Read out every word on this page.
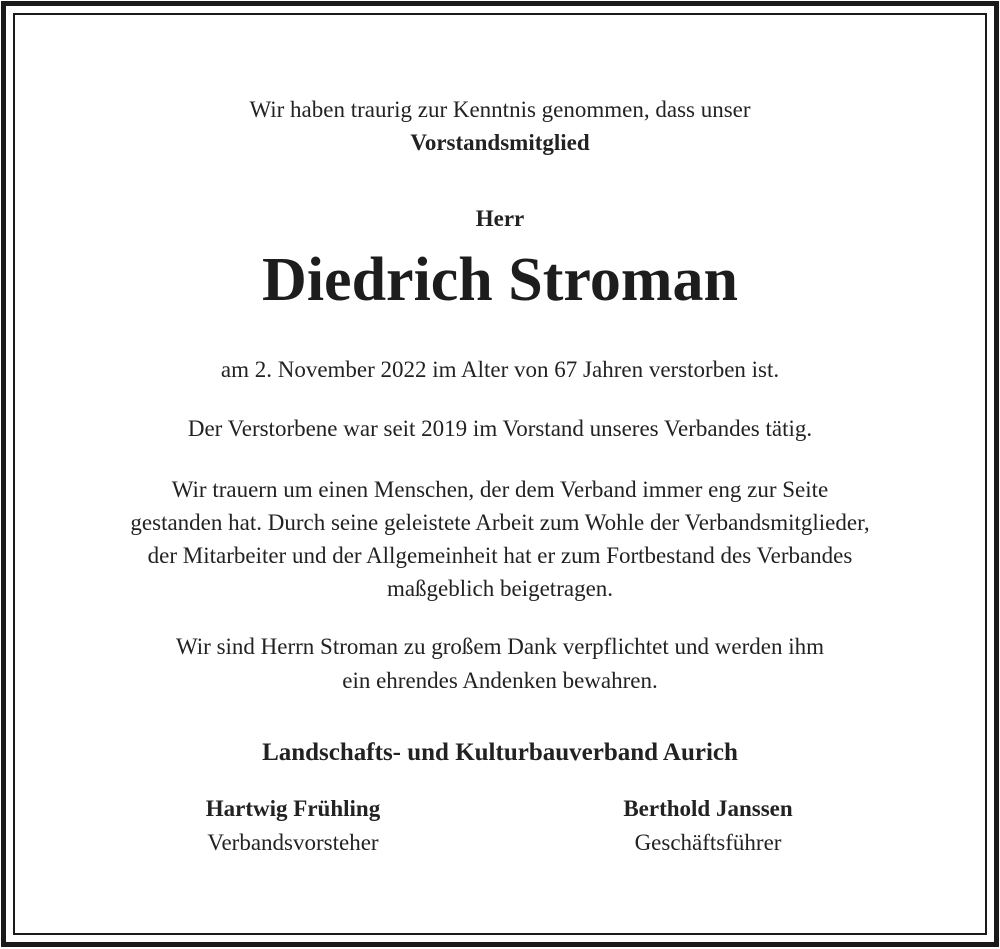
Wir haben traurig zur Kenntnis genommen, dass unser
Vorstandsmitglied
Herr
Diedrich Stroman
am 2. November 2022 im Alter von 67 Jahren verstorben ist.
Der Verstorbene war seit 2019 im Vorstand unseres Verbandes tätig.
Wir trauern um einen Menschen, der dem Verband immer eng zur Seite
gestanden hat. Durch seine geleistete Arbeit zum Wohle der Verbandsmitglieder,
der Mitarbeiter und der Allgemeinheit hat er zum Fortbestand des Verbandes
maßgeblich beigetragen.
Wir sind Herrn Stroman zu großem Dank verpflichtet und werden ihm
ein ehrendes Andenken bewahren.
Landschafts- und Kulturbauverband Aurich
Hartwig Frühling
Verbandsvorsteher
Berthold Janssen
Geschäftsführer
